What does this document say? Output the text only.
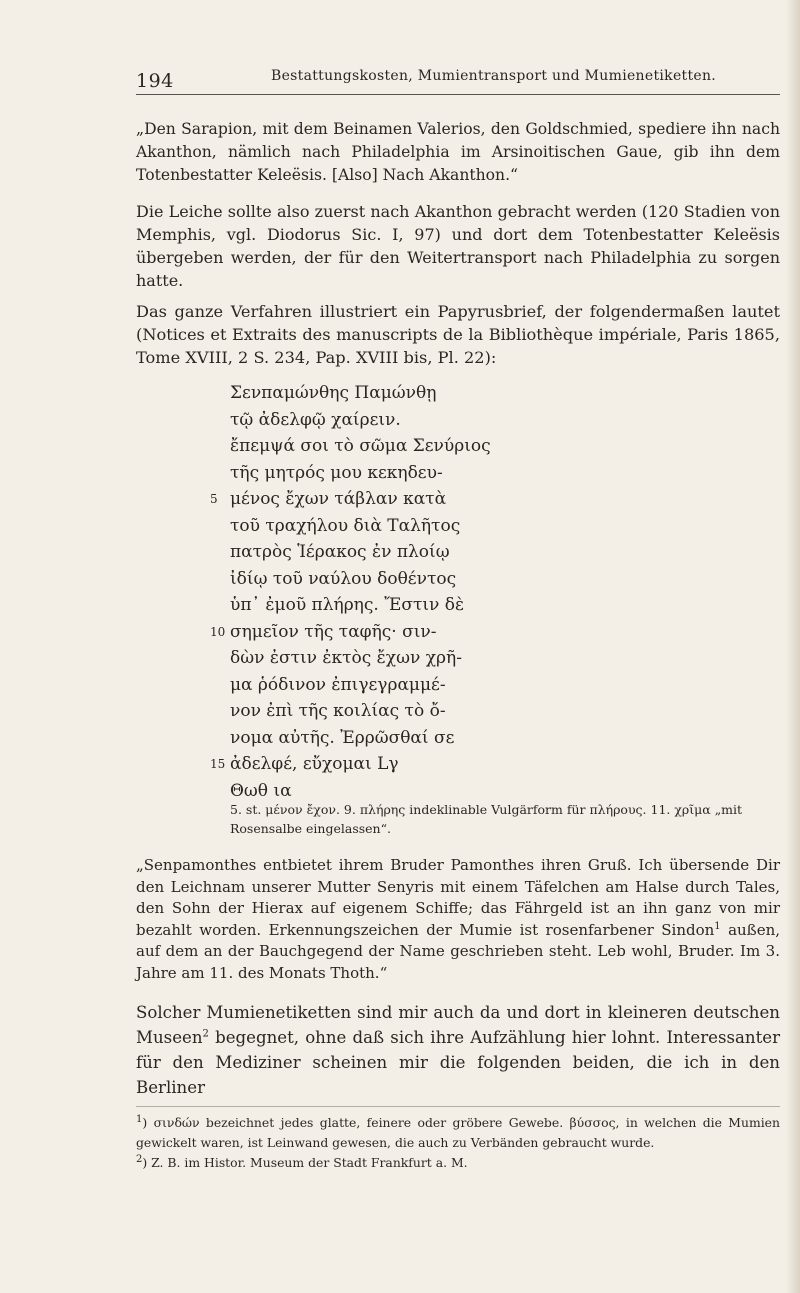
194	Bestattungskosten, Mumientransport und Mumienetiketten.

„Den Sarapion, mit dem Beinamen Valerios, den Goldschmied, spediere ihn nach Akanthon, nämlich nach Philadelphia im Arsinoitischen Gaue, gib ihn dem Totenbestatter Keleësis. [Also] Nach Akanthon.“

Die Leiche sollte also zuerst nach Akanthon gebracht werden (120 Stadien von Memphis, vgl. Diodorus Sic. I, 97) und dort dem Totenbestatter Keleësis übergeben werden, der für den Weitertransport nach Philadelphia zu sorgen hatte.

Das ganze Verfahren illustriert ein Papyrusbrief, der folgendermaßen lautet (Notices et Extraits des manuscripts de la Bibliothèque impériale, Paris 1865, Tome XVIII, 2 S. 234, Pap. XVIII bis, Pl. 22):

Σενπαμώνθης Παμώνθῃ
τῷ ἀδελφῷ χαίρειν.
ἔπεμψά σοι τὸ σῶμα Σενύριος
τῆς μητρός μου κεκηδευ-
5 μένος ἔχων τάβλαν κατὰ
τοῦ τραχήλου διὰ Ταλῆτος
πατρὸς Ἱέρακος ἐν πλοίῳ
ἰδίῳ τοῦ ναύλου δοθέντος
ὑπ᾽ ἐμοῦ πλήρης. Ἔστιν δὲ
10 σημεῖον τῆς ταφῆς· σιν-
δὼν ἐστιν ἐκτὸς ἔχων χρῆ-
μα ῥόδινον ἐπιγεγραμμέ-
νον ἐπὶ τῆς κοιλίας τὸ ὄ-
νομα αὐτῆς. Ἐρρῶσθαί σε
15 ἀδελφέ, εὔχομαι Lγ
Θωθ ια

5. st. μένον ἔχον. 9. πλήρης indeklinable Vulgärform für πλήρους. 11. χρῖμα „mit Rosensalbe eingelassen“.

„Senpamonthes entbietet ihrem Bruder Pamonthes ihren Gruß. Ich übersende Dir den Leichnam unserer Mutter Senyris mit einem Täfelchen am Halse durch Tales, den Sohn der Hierax auf eigenem Schiffe; das Fährgeld ist an ihn ganz von mir bezahlt worden. Erkennungszeichen der Mumie ist rosenfarbener Sindon$^1$ außen, auf dem an der Bauchgegend der Name geschrieben steht. Leb wohl, Bruder. Im 3. Jahre am 11. des Monats Thoth.“

Solcher Mumienetiketten sind mir auch da und dort in kleineren deutschen Museen$^2$ begegnet, ohne daß sich ihre Aufzählung hier lohnt. Interessanter für den Mediziner scheinen mir die folgenden beiden, die ich in den Berliner

$^1$) σινδών bezeichnet jedes glatte, feinere oder gröbere Gewebe. βύσσος, in welchen die Mumien gewickelt waren, ist Leinwand gewesen, die auch zu Verbänden gebraucht wurde.

$^2$) Z. B. im Histor. Museum der Stadt Frankfurt a. M.
